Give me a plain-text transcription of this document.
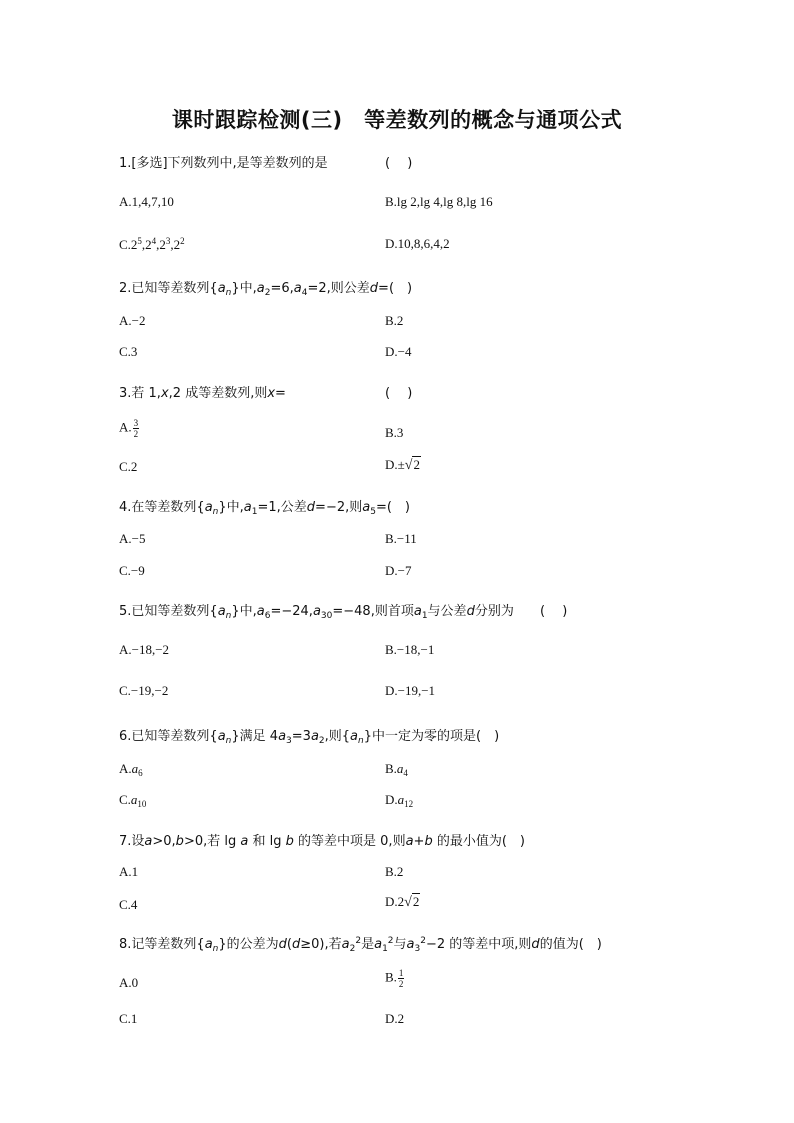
课时跟踪检测(三)　等差数列的概念与通项公式
1.[多选]下列数列中,是等差数列的是	(　 )
A.1,4,7,10	B.lg 2,lg 4,lg 8,lg 16
$C.2^5,2^4,2^3,2^2$	D.10,8,6,4,2
2.已知等差数列$\{a_n\}$中$,a_2=6,a_4=2$,则公差d=(　)
A.−2	B.2
C.3	D.−4
3.若 1,x,2 成等差数列,则x=	(　 )
A. $\frac{3}{2}$	B.3
C.2	D.±√2
4.在等差数列$\{a_n\}$中$,a_1=1$,公差d=−2,则$a_5=$(　)
A.−5	B.−11
C.−9	D.−7
5.已知等差数列$\{a_n\}$中$,a_6=-24,a_{30}=-48$,则首项$a_1$与公差d分别为 (　 )
A.−18,−2	B.−18,−1
C.−19,−2	D.−19,−1
6.已知等差数列$\{a_n\}$满足 $4a_3=3a_2$,则$\{a_n\}$中一定为零的项是(　)
$A.a_6$	$B.a_4$
$C.a_{10}$	$D.a_{12}$
7.设a>0,b>0,若 lg a 和 lg b 的等差中项是 0,则a+b 的最小值为(　)
A.1	B.2
C.4	D.2√2
8.记等差数列$\{a_n\}$的公差为d(d≥0),若$a_2^2$是$a_1^2$与$a_3^2-2$ 的等差中项,则d的值为(　)
A.0	B. $\frac{1}{2}$
C.1	D.2
